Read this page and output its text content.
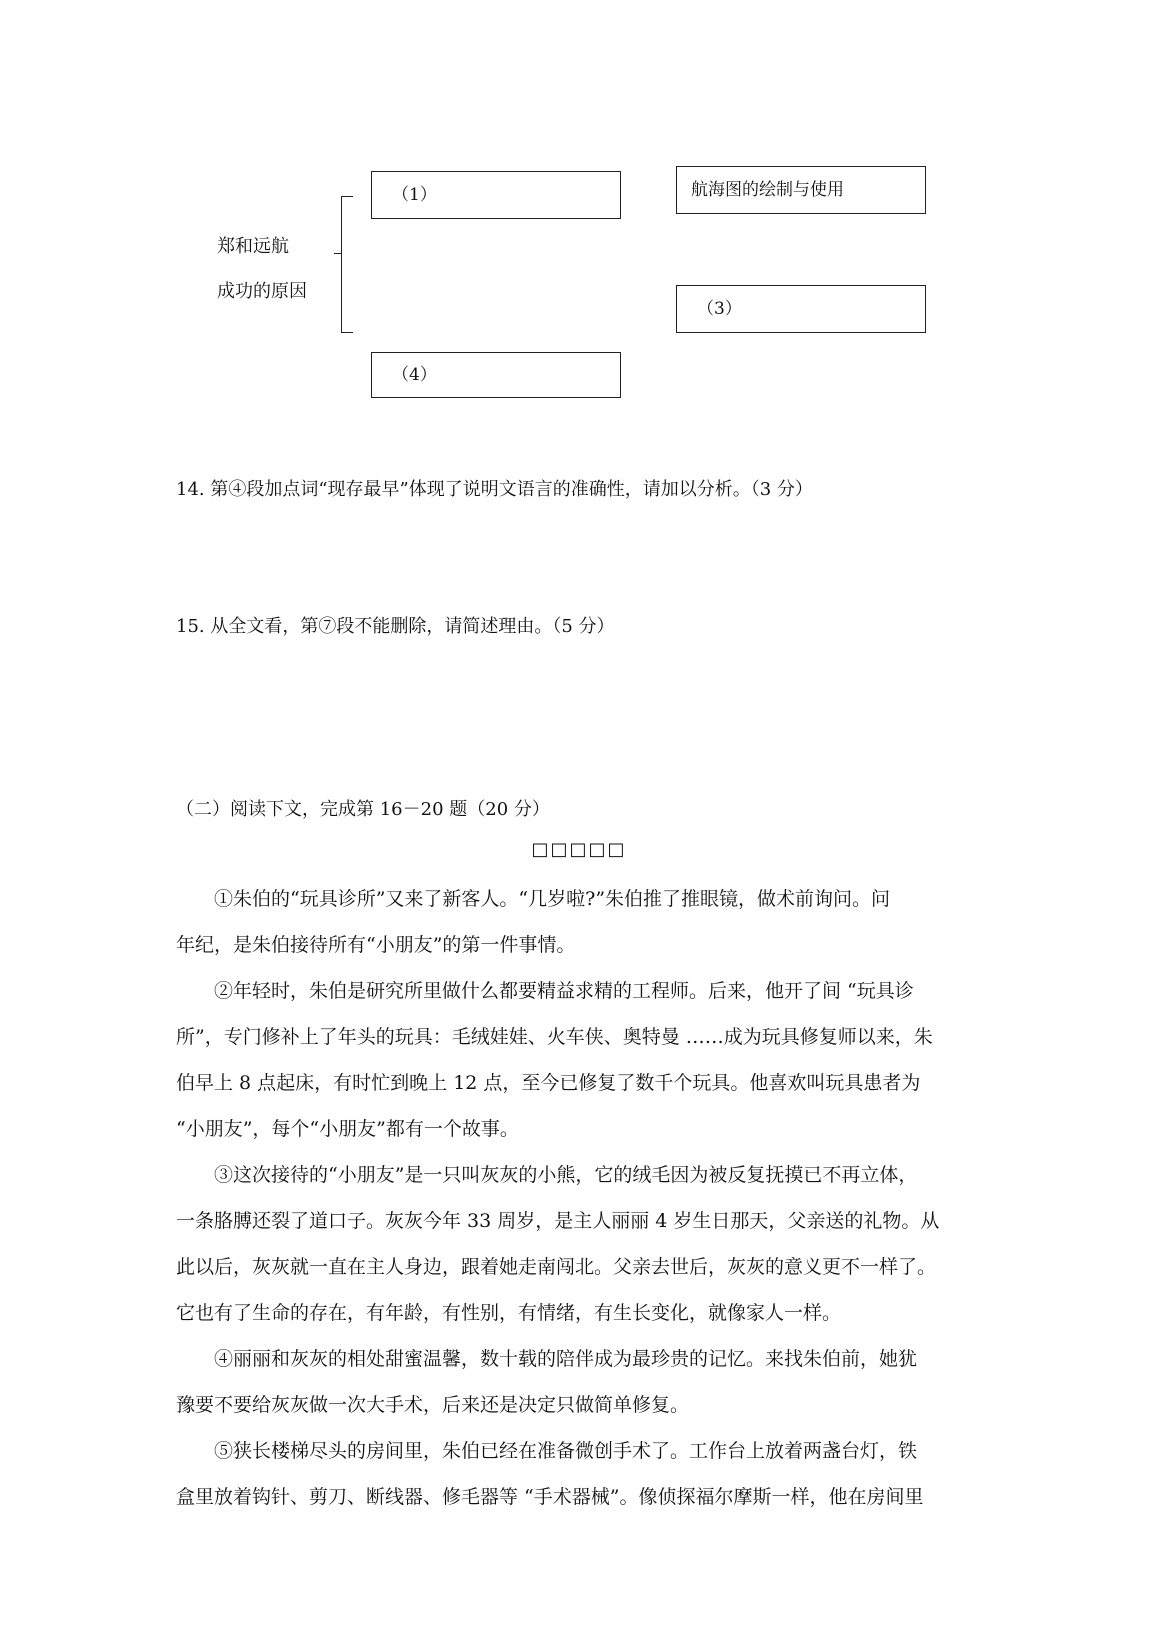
郑和远航
成功的原因
（1）	航海图的绘制与使用
（3）
（4）
14. 第④段加点词“现存最早”体现了说明文语言的准确性，请加以分析。（3 分）
15. 从全文看，第⑦段不能删除，请简述理由。（5 分）
（二）阅读下文，完成第 16－20 题（20 分）
□□□□□
①朱伯的“玩具诊所”又来了新客人。“几岁啦?”朱伯推了推眼镜，做术前询问。问
年纪，是朱伯接待所有“小朋友”的第一件事情。
②年轻时，朱伯是研究所里做什么都要精益求精的工程师。后来，他开了间 “玩具诊
所”，专门修补上了年头的玩具：毛绒娃娃、火车侠、奥特曼 ……成为玩具修复师以来，朱
伯早上 8 点起床，有时忙到晚上 12 点，至今已修复了数千个玩具。他喜欢叫玩具患者为
“小朋友”，每个“小朋友”都有一个故事。
③这次接待的“小朋友”是一只叫灰灰的小熊，它的绒毛因为被反复抚摸已不再立体，
一条胳膊还裂了道口子。灰灰今年 33 周岁，是主人丽丽 4 岁生日那天，父亲送的礼物。从
此以后，灰灰就一直在主人身边，跟着她走南闯北。父亲去世后，灰灰的意义更不一样了。
它也有了生命的存在，有年龄，有性别，有情绪，有生长变化，就像家人一样。
④丽丽和灰灰的相处甜蜜温馨，数十载的陪伴成为最珍贵的记忆。来找朱伯前，她犹
豫要不要给灰灰做一次大手术，后来还是决定只做简单修复。
⑤狭长楼梯尽头的房间里，朱伯已经在准备微创手术了。工作台上放着两盏台灯，铁
盒里放着钩针、剪刀、断线器、修毛器等 “手术器械”。像侦探福尔摩斯一样，他在房间里
